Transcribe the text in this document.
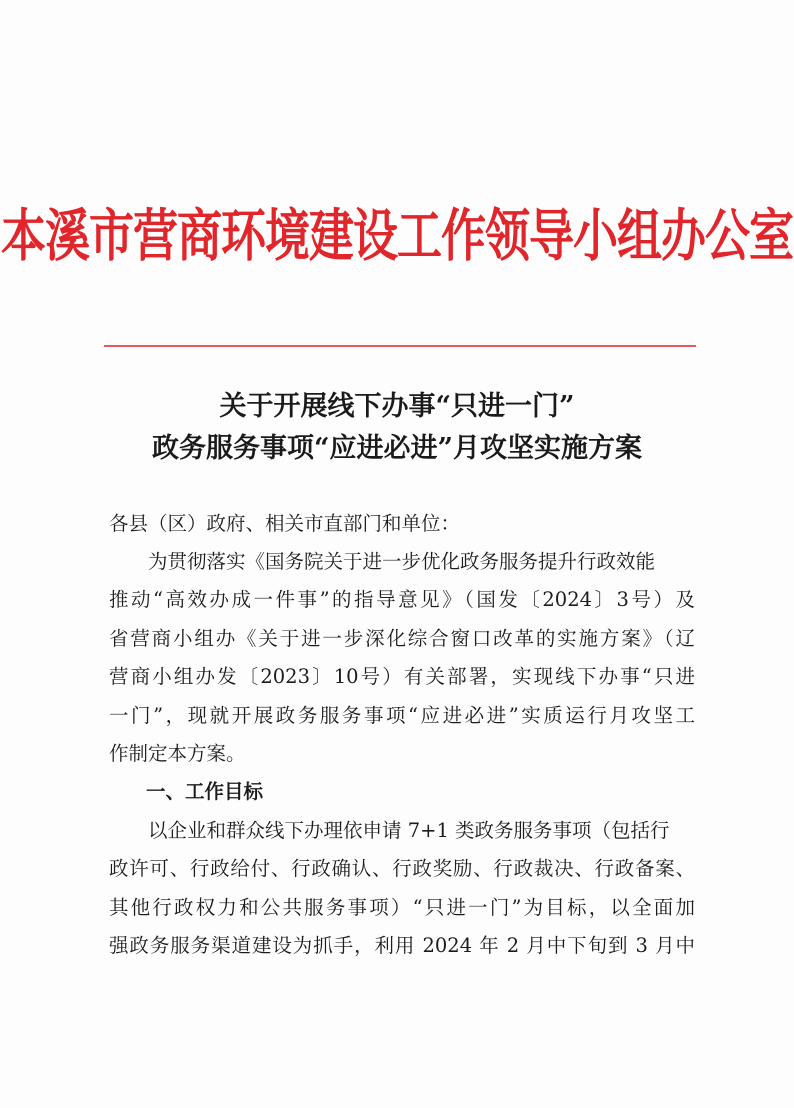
本溪市营商环境建设工作领导小组办公室
关于开展线下办事“只进一门”
政务服务事项“应进必进”月攻坚实施方案
各县（区）政府、相关市直部门和单位：
为贯彻落实《国务院关于进一步优化政务服务提升行政效能
推动“高效办成一件事”的指导意见》（国发〔2024〕3号）及
省营商小组办《关于进一步深化综合窗口改革的实施方案》（辽
营商小组办发〔2023〕10号）有关部署，实现线下办事“只进
一门”，现就开展政务服务事项“应进必进”实质运行月攻坚工
作制定本方案。
一、工作目标
以企业和群众线下办理依申请 7+1 类政务服务事项（包括行
政许可、行政给付、行政确认、行政奖励、行政裁决、行政备案、
其他行政权力和公共服务事项）“只进一门”为目标，以全面加
强政务服务渠道建设为抓手，利用 2024 年 2 月中下旬到 3 月中
